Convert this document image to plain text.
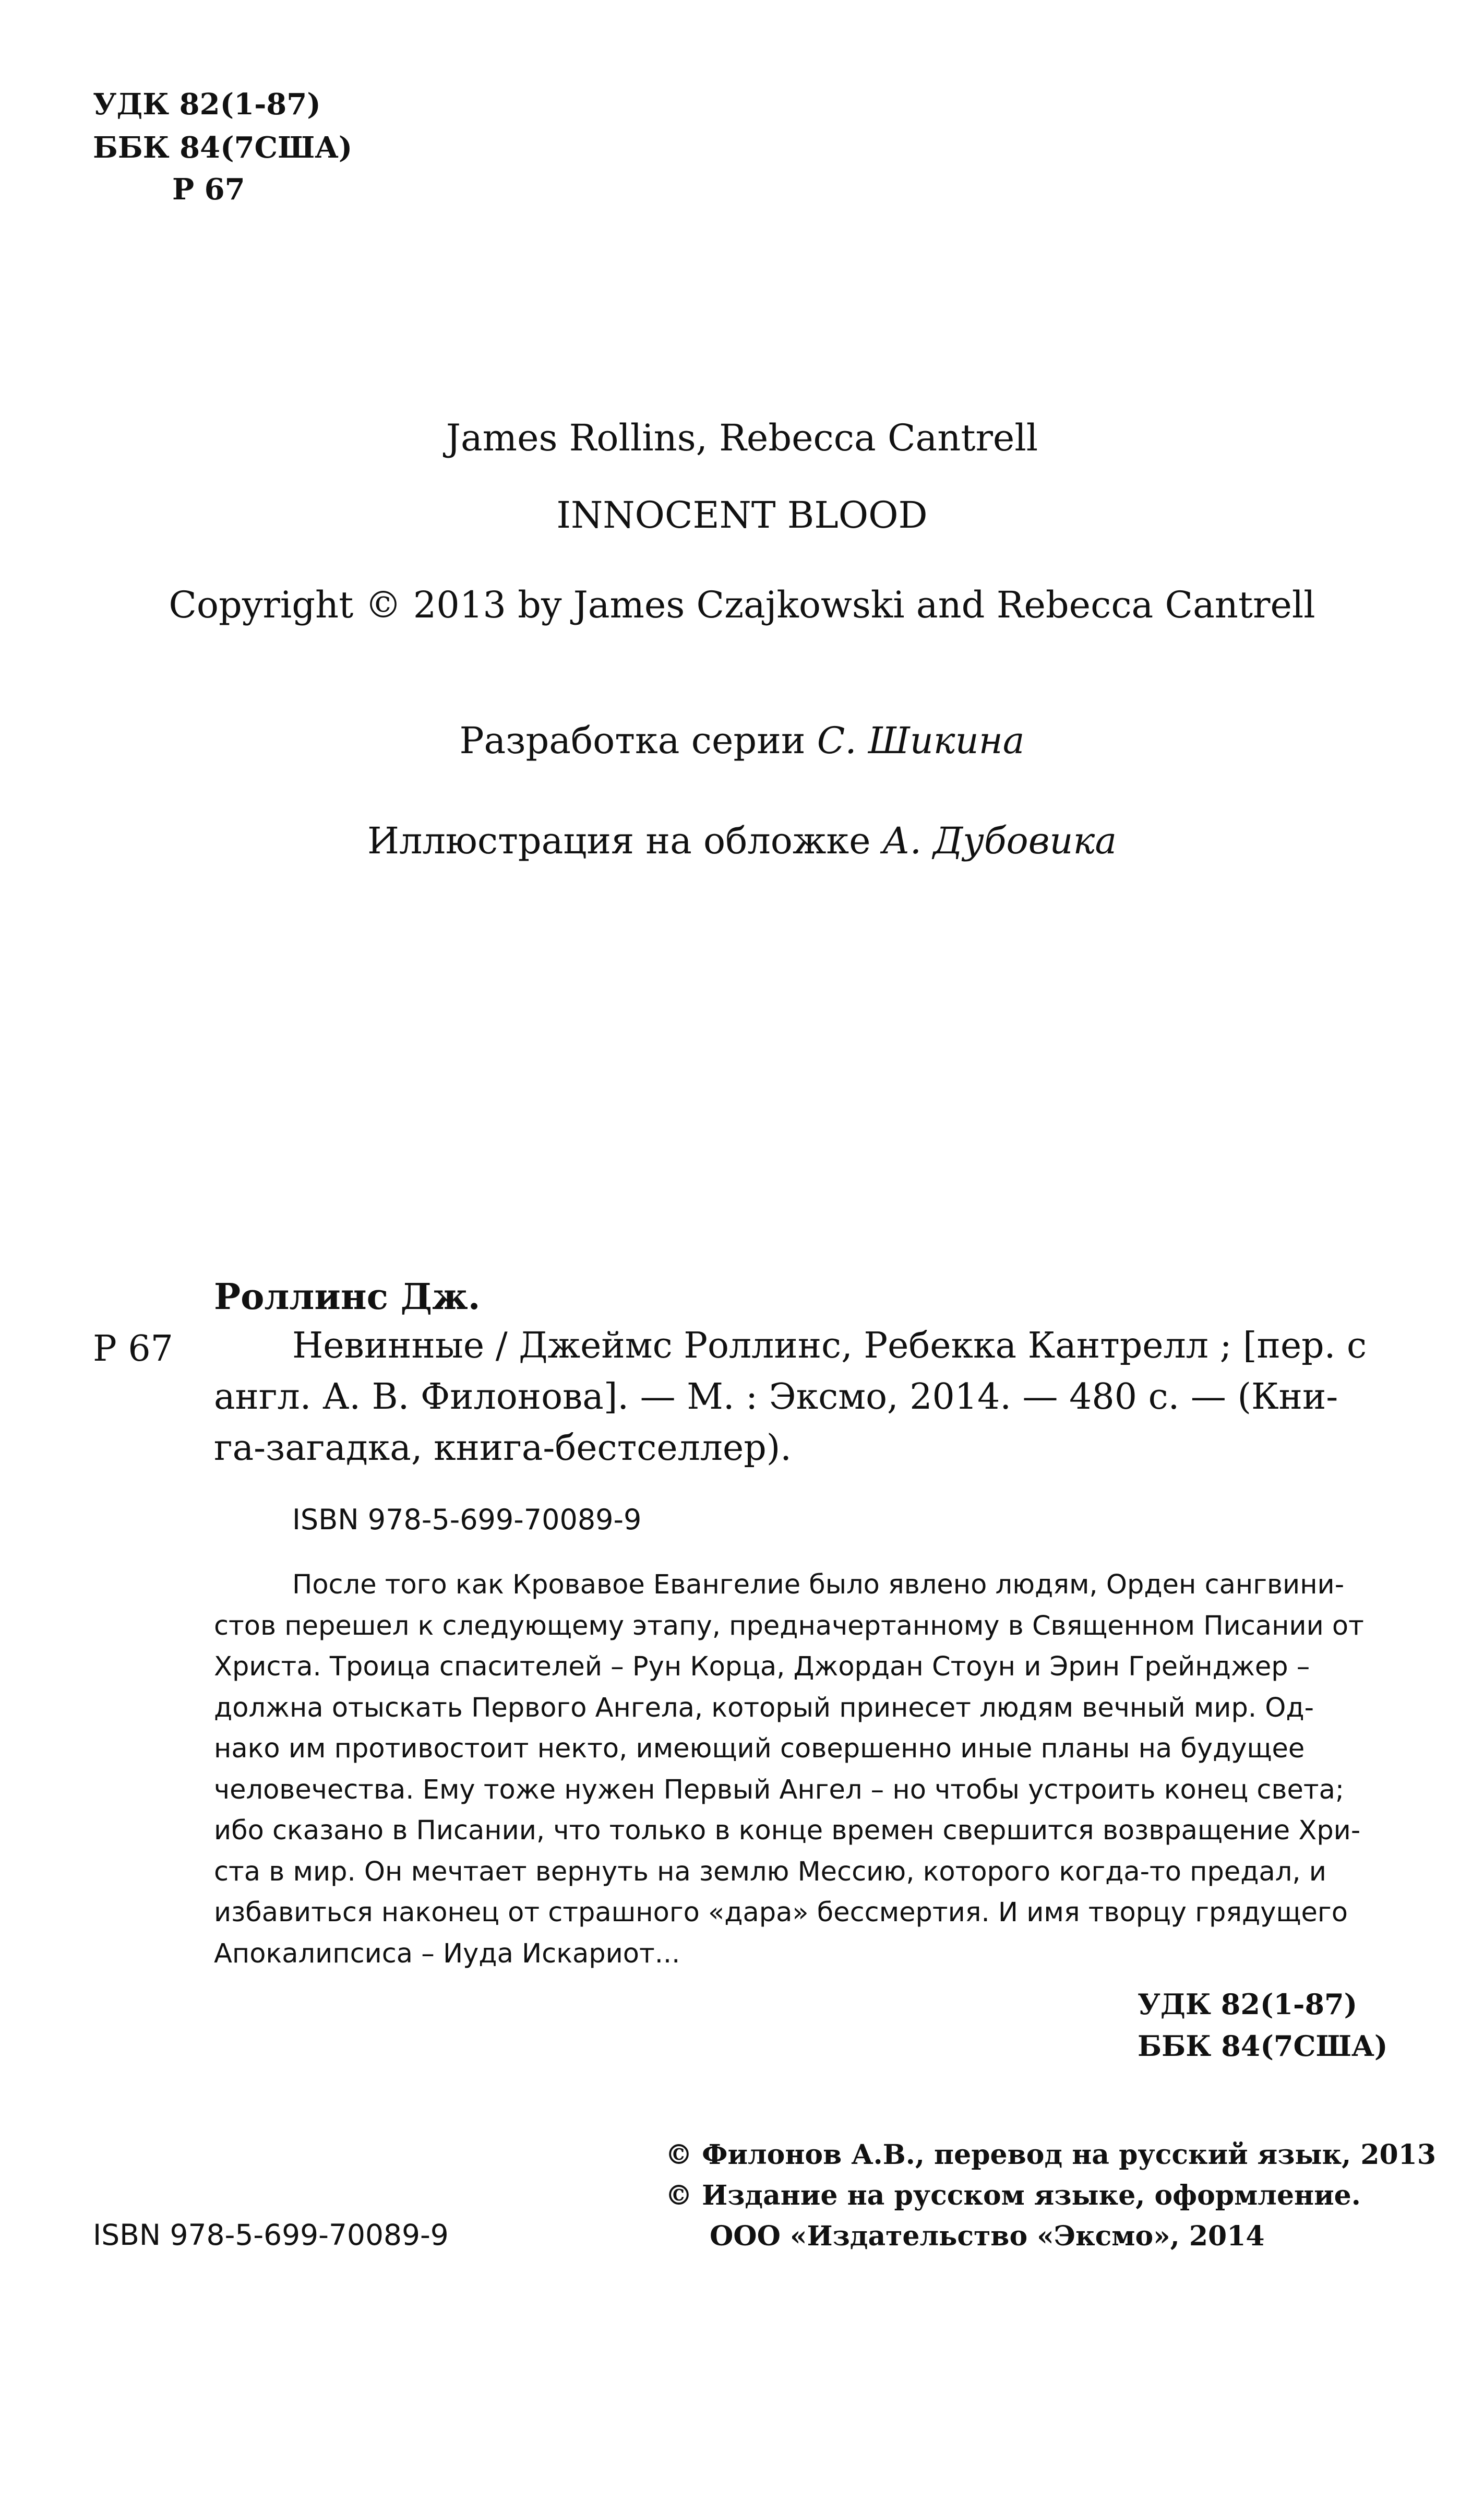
УДК 82(1-87)
ББК 84(7США)
Р 67
James Rollins, Rebecca Cantrell
INNOCENT BLOOD
Copyright © 2013 by James Czajkowski and Rebecca Cantrell
Разработка серии С. Шикина
Иллюстрация на обложке А. Дубовика
Роллинс Дж.
Р 67	Невинные / Джеймс Роллинс, Ребекка Кантрелл ; [пер. с
англ. А. В. Филонова]. — М. : Эксмо, 2014. — 480 с. — (Кни-
га-загадка, книга-бестселлер).
ISBN 978-5-699-70089-9
После того как Кровавое Евангелие было явлено людям, Орден сангвини-
стов перешел к следующему этапу, предначертанному в Священном Писании от
Христа. Троица спасителей – Рун Корца, Джордан Стоун и Эрин Грейнджер –
должна отыскать Первого Ангела, который принесет людям вечный мир. Од-
нако им противостоит некто, имеющий совершенно иные планы на будущее
человечества. Ему тоже нужен Первый Ангел – но чтобы устроить конец света;
ибо сказано в Писании, что только в конце времен свершится возвращение Хри-
ста в мир. Он мечтает вернуть на землю Мессию, которого когда-то предал, и
избавиться наконец от страшного «дара» бессмертия. И имя творцу грядущего
Апокалипсиса – Иуда Искариот...
УДК 82(1-87)
ББК 84(7США)
© Филонов А.В., перевод на русский язык, 2013
© Издание на русском языке, оформление.
ООО «Издательство «Эксмо», 2014
ISBN 978-5-699-70089-9
